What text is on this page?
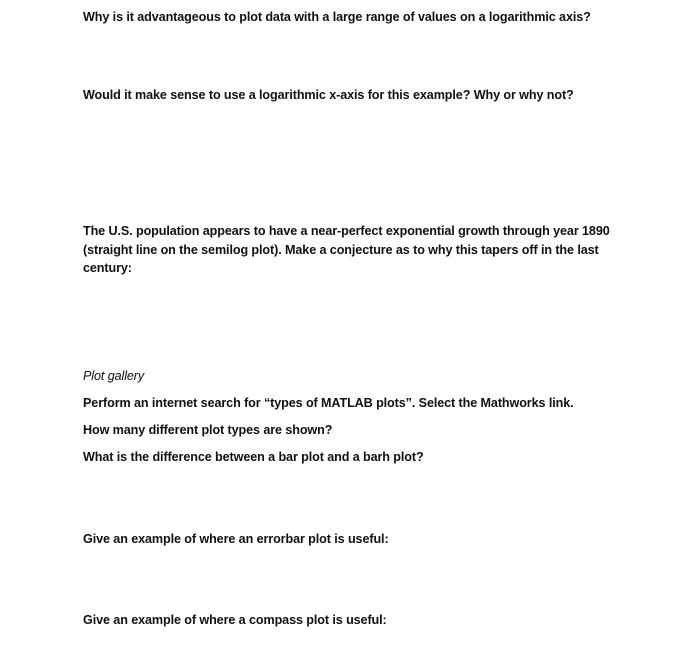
Why is it advantageous to plot data with a large range of values on a logarithmic axis?
Would it make sense to use a logarithmic x-axis for this example? Why or why not?
The U.S. population appears to have a near-perfect exponential growth through year 1890
(straight line on the semilog plot). Make a conjecture as to why this tapers off in the last
century:
Plot gallery
Perform an internet search for “types of MATLAB plots”. Select the Mathworks link.
How many different plot types are shown?
What is the difference between a bar plot and a barh plot?
Give an example of where an errorbar plot is useful:
Give an example of where a compass plot is useful:
